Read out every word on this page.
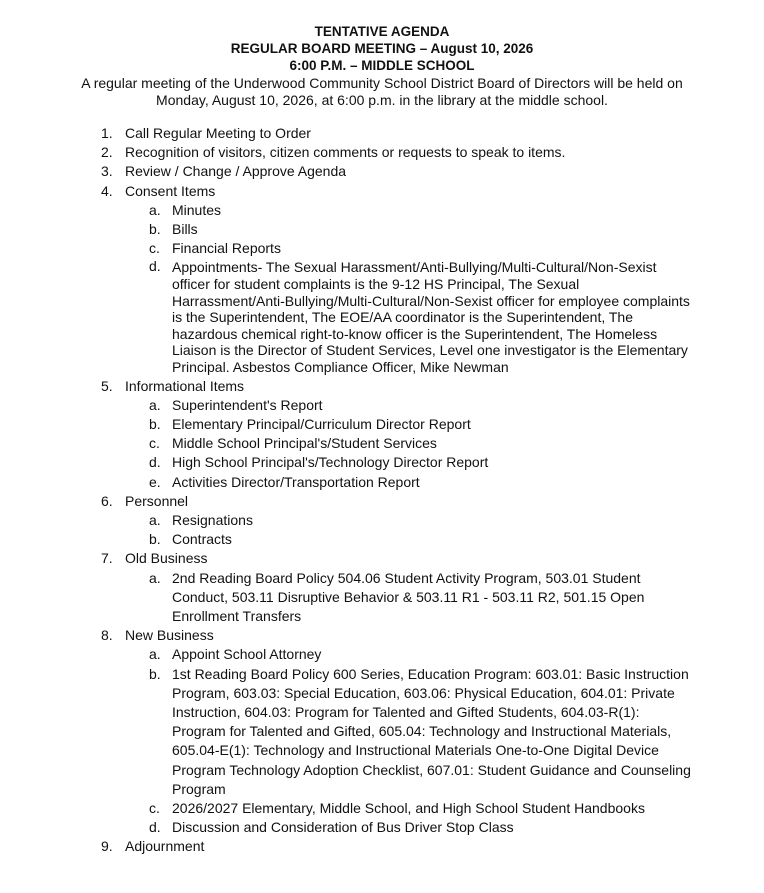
TENTATIVE AGENDA

REGULAR BOARD MEETING – August 10, 2026

6:00 P.M. – MIDDLE SCHOOL

A regular meeting of the Underwood Community School District Board of Directors will be held on Monday, August 10, 2026, at 6:00 p.m. in the library at the middle school.

1. Call Regular Meeting to Order
2. Recognition of visitors, citizen comments or requests to speak to items.
3. Review / Change / Approve Agenda
4. Consent Items
a. Minutes
b. Bills
c. Financial Reports
d. Appointments- The Sexual Harassment/Anti-Bullying/Multi-Cultural/Non-Sexist officer for student complaints is the 9-12 HS Principal, The Sexual Harrassment/Anti-Bullying/Multi-Cultural/Non-Sexist officer for employee complaints is the Superintendent, The EOE/AA coordinator is the Superintendent, The hazardous chemical right-to-know officer is the Superintendent, The Homeless Liaison is the Director of Student Services, Level one investigator is the Elementary Principal. Asbestos Compliance Officer, Mike Newman
5. Informational Items
a. Superintendent's Report
b. Elementary Principal/Curriculum Director Report
c. Middle School Principal's/Student Services
d. High School Principal's/Technology Director Report
e. Activities Director/Transportation Report
6. Personnel
a. Resignations
b. Contracts
7. Old Business
a. 2nd Reading Board Policy 504.06 Student Activity Program, 503.01 Student Conduct, 503.11 Disruptive Behavior & 503.11 R1 - 503.11 R2, 501.15 Open Enrollment Transfers
8. New Business
a. Appoint School Attorney
b. 1st Reading Board Policy 600 Series, Education Program: 603.01: Basic Instruction Program, 603.03: Special Education, 603.06: Physical Education, 604.01: Private Instruction, 604.03: Program for Talented and Gifted Students, 604.03-R(1): Program for Talented and Gifted, 605.04: Technology and Instructional Materials, 605.04-E(1): Technology and Instructional Materials One-to-One Digital Device Program Technology Adoption Checklist, 607.01: Student Guidance and Counseling Program
c. 2026/2027 Elementary, Middle School, and High School Student Handbooks
d. Discussion and Consideration of Bus Driver Stop Class
9. Adjournment
